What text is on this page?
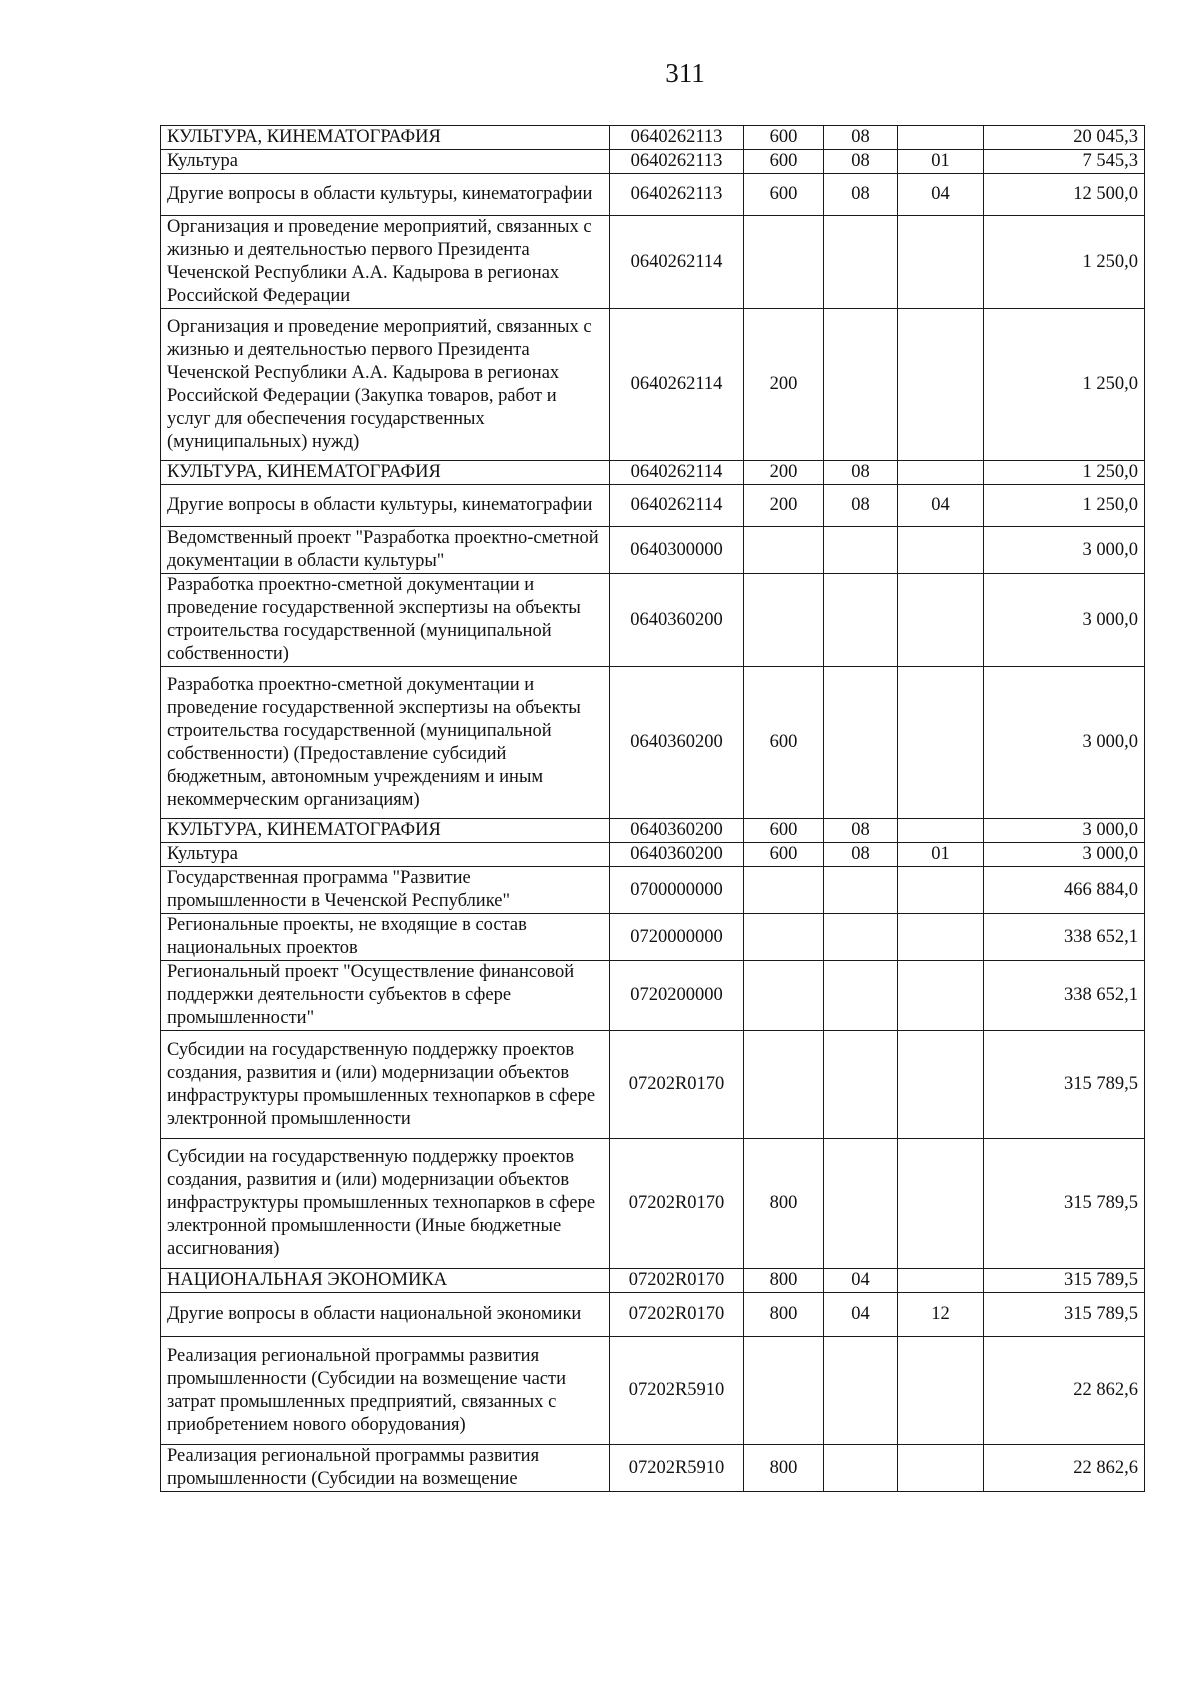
311
КУЛЬТУРА, КИНЕМАТОГРАФИЯ	0640262113	600	08		20 045,3
Культура	0640262113	600	08	01	7 545,3
Другие вопросы в области культуры, кинематографии	0640262113	600	08	04	12 500,0
Организация и проведение мероприятий, связанных с жизнью и деятельностью первого Президента Чеченской Республики А.А. Кадырова в регионах Российской Федерации	0640262114				1 250,0
Организация и проведение мероприятий, связанных с жизнью и деятельностью первого Президента Чеченской Республики А.А. Кадырова в регионах Российской Федерации (Закупка товаров, работ и услуг для обеспечения государственных (муниципальных) нужд)	0640262114	200			1 250,0
КУЛЬТУРА, КИНЕМАТОГРАФИЯ	0640262114	200	08		1 250,0
Другие вопросы в области культуры, кинематографии	0640262114	200	08	04	1 250,0
Ведомственный проект "Разработка проектно-сметной документации в области культуры"	0640300000				3 000,0
Разработка проектно-сметной документации и проведение государственной экспертизы на объекты строительства государственной (муниципальной собственности)	0640360200				3 000,0
Разработка проектно-сметной документации и проведение государственной экспертизы на объекты строительства государственной (муниципальной собственности) (Предоставление субсидий бюджетным, автономным учреждениям и иным некоммерческим организациям)	0640360200	600			3 000,0
КУЛЬТУРА, КИНЕМАТОГРАФИЯ	0640360200	600	08		3 000,0
Культура	0640360200	600	08	01	3 000,0
Государственная программа "Развитие промышленности в Чеченской Республике"	0700000000				466 884,0
Региональные проекты, не входящие в состав национальных проектов	0720000000				338 652,1
Региональный проект "Осуществление финансовой поддержки деятельности субъектов в сфере промышленности"	0720200000				338 652,1
Субсидии на государственную поддержку проектов создания, развития и (или) модернизации объектов инфраструктуры промышленных технопарков в сфере электронной промышленности	07202R0170				315 789,5
Субсидии на государственную поддержку проектов создания, развития и (или) модернизации объектов инфраструктуры промышленных технопарков в сфере электронной промышленности (Иные бюджетные ассигнования)	07202R0170	800			315 789,5
НАЦИОНАЛЬНАЯ ЭКОНОМИКА	07202R0170	800	04		315 789,5
Другие вопросы в области национальной экономики	07202R0170	800	04	12	315 789,5
Реализация региональной программы развития промышленности (Субсидии на возмещение части затрат промышленных предприятий, связанных с приобретением нового оборудования)	07202R5910				22 862,6
Реализация региональной программы развития промышленности (Субсидии на возмещение	07202R5910	800			22 862,6
